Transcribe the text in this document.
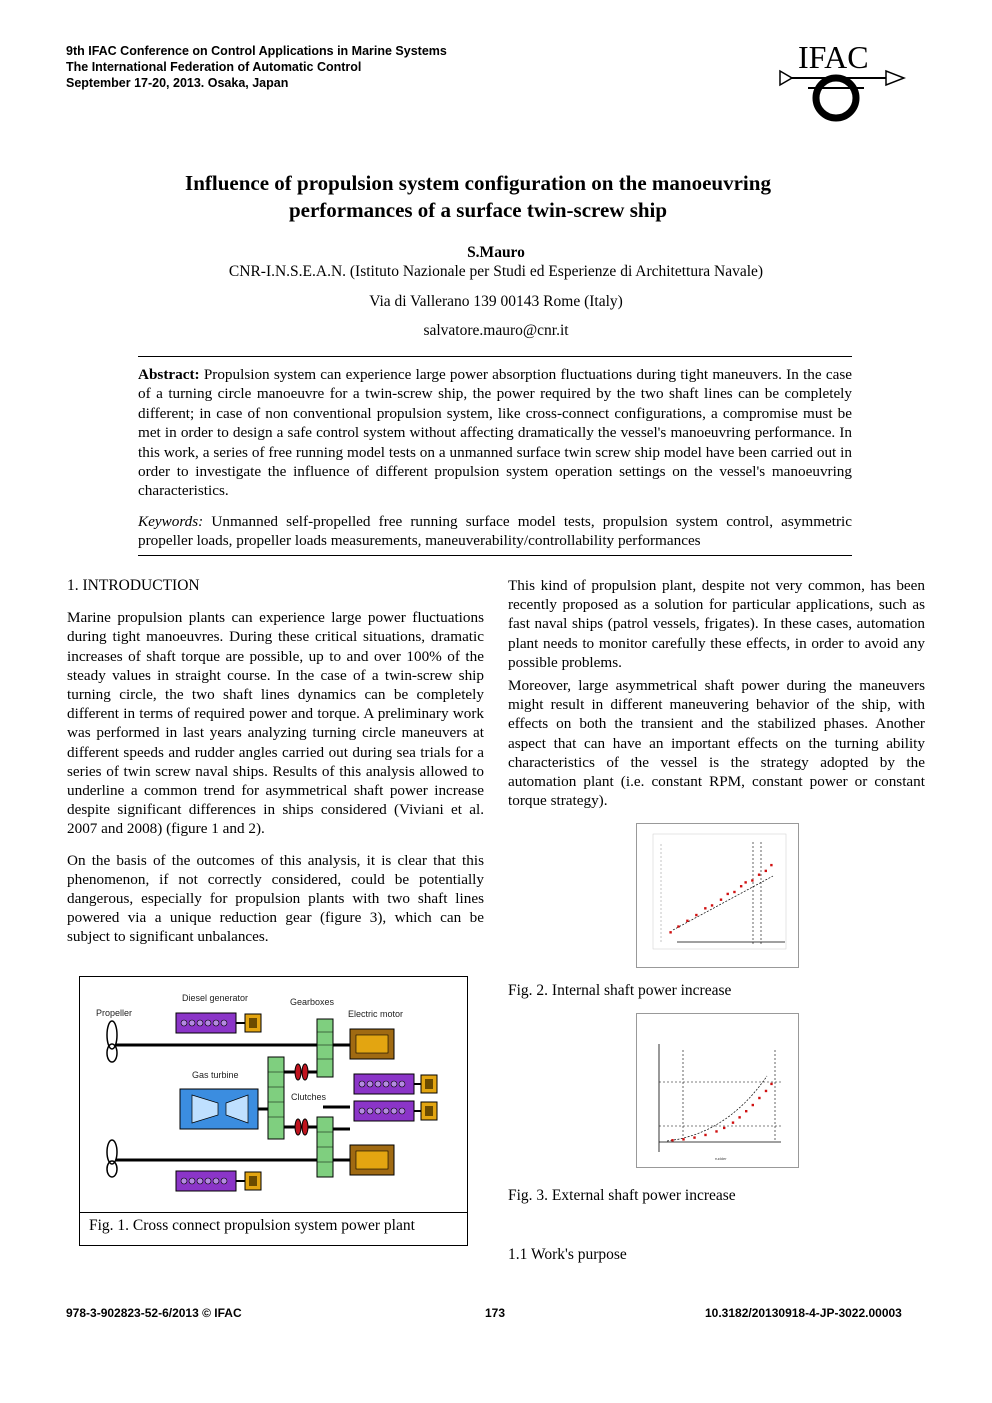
9th IFAC Conference on Control Applications in Marine Systems
The International Federation of Automatic Control
September 17-20, 2013. Osaka, Japan
IFAC
Influence of propulsion system configuration on the manoeuvring
performances of a surface twin-screw ship
S.Mauro
CNR-I.N.S.E.A.N. (Istituto Nazionale per Studi ed Esperienze di Architettura Navale)
Via di Vallerano 139 00143 Rome (Italy)
salvatore.mauro@cnr.it

Abstract: Propulsion system can experience large power absorption fluctuations during tight maneuvers. In the case of a turning circle manoeuvre for a twin-screw ship, the power required by the two shaft lines can be completely different; in case of non conventional propulsion system, like cross-connect configurations, a compromise must be met in order to design a safe control system without affecting dramatically the vessel's manoeuvring performance. In this work, a series of free running model tests on a unmanned surface twin screw ship model have been carried out in order to investigate the influence of different propulsion system operation settings on the vessel's manoeuvring characteristics.

Keywords: Unmanned self-propelled free running surface model tests, propulsion system control, asymmetric propeller loads, propeller loads measurements, maneuverability/controllability performances

1. INTRODUCTION

Marine propulsion plants can experience large power fluctuations during tight manoeuvres. During these critical situations, dramatic increases of shaft torque are possible, up to and over 100% of the steady values in straight course. In the case of a twin-screw ship turning circle, the two shaft lines dynamics can be completely different in terms of required power and torque. A preliminary work was performed in last years analyzing turning circle maneuvers at different speeds and rudder angles carried out during sea trials for a series of twin screw naval ships. Results of this analysis allowed to underline a common trend for asymmetrical shaft power increase despite significant differences in ships considered (Viviani et al. 2007 and 2008) (figure 1 and 2).

On the basis of the outcomes of this analysis, it is clear that this phenomenon, if not correctly considered, could be potentially dangerous, especially for propulsion plants with two shaft lines powered via a unique reduction gear (figure 3), which can be subject to significant unbalances.

Propeller
Diesel generator	Gearboxes
Electric motor
Gas turbine
Clutches
Fig. 1. Cross connect propulsion system power plant

This kind of propulsion plant, despite not very common, has been recently proposed as a solution for particular applications, such as fast naval ships (patrol vessels, frigates). In these cases, automation plant needs to monitor carefully these effects, in order to avoid any possible problems.

Moreover, large asymmetrical shaft power during the maneuvers might result in different maneuvering behavior of the ship, with effects on both the transient and the stabilized phases. Another aspect that can have an important effects on the turning ability characteristics of the vessel is the strategy adopted by the automation plant (i.e. constant RPM, constant power or constant torque strategy).

Fig. 2. Internal shaft power increase
rudder
Fig. 3. External shaft power increase
1.1 Work's purpose
978-3-902823-52-6/2013 © IFAC	173	10.3182/20130918-4-JP-3022.00003
